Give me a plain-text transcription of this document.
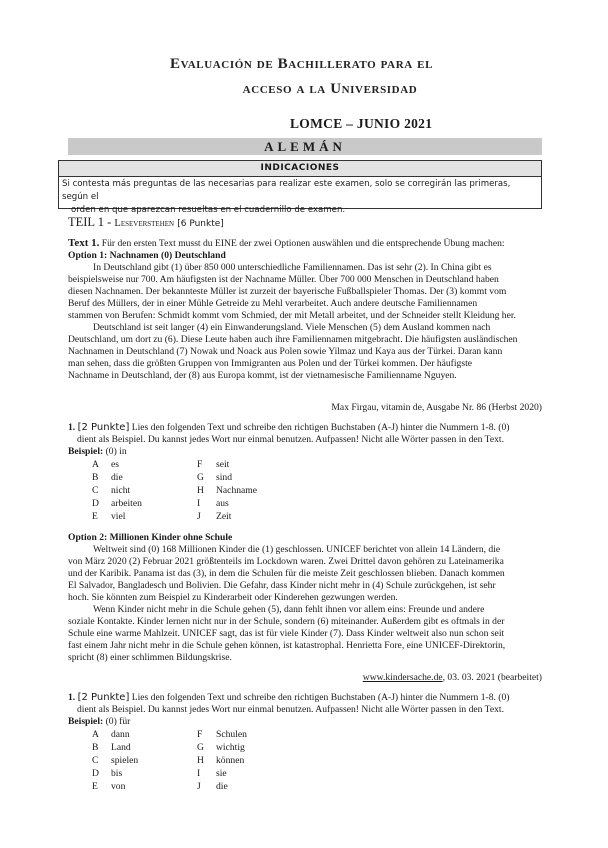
Evaluación de Bachillerato para el
acceso a la Universidad
LOMCE – JUNIO 2021
ALEMÁN
INDICACIONES
Si contesta más preguntas de las necesarias para realizar este examen, solo se corregirán las primeras, según el
orden en que aparezcan resueltas en el cuadernillo de examen.
TEIL 1 - Leseverstehen [6 Punkte]
Text 1. Für den ersten Text musst du EINE der zwei Optionen auswählen und die entsprechende Übung machen:
Option 1: Nachnamen (0) Deutschland

In Deutschland gibt (1) über 850 000 unterschiedliche Familiennamen. Das ist sehr (2). In China gibt es

beispielsweise nur 700. Am häufigsten ist der Nachname Müller. Über 700 000 Menschen in Deutschland haben
diesen Nachnamen. Der bekannteste Müller ist zurzeit der bayerische Fußballspieler Thomas. Der (3) kommt vom
Beruf des Müllers, der in einer Mühle Getreide zu Mehl verarbeitet. Auch andere deutsche Familiennamen
stammen von Berufen: Schmidt kommt vom Schmied, der mit Metall arbeitet, und der Schneider stellt Kleidung her.

Deutschland ist seit langer (4) ein Einwanderungsland. Viele Menschen (5) dem Ausland kommen nach

Deutschland, um dort zu (6). Diese Leute haben auch ihre Familiennamen mitgebracht. Die häufigsten ausländischen
Nachnamen in Deutschland (7) Nowak und Noack aus Polen sowie Yilmaz und Kaya aus der Türkei. Daran kann
man sehen, dass die größten Gruppen von Immigranten aus Polen und der Türkei kommen. Der häufigste
Nachname in Deutschland, der (8) aus Europa kommt, ist der vietnamesische Familienname Nguyen.
Max Firgau, vitamin de, Ausgabe Nr. 86 (Herbst 2020)
1. [2 Punkte] Lies den folgenden Text und schreibe den richtigen Buchstaben (A-J) hinter die Nummern 1-8. (0)
dient als Beispiel. Du kannst jedes Wort nur einmal benutzen. Aufpassen! Nicht alle Wörter passen in den Text.
Beispiel: (0) in
A	es	F	seit
B	die	G	sind
C	nicht	H	Nachname
D	arbeiten	I	aus
E	viel	J	Zeit
Option 2: Millionen Kinder ohne Schule

Weltweit sind (0) 168 Millionen Kinder die (1) geschlossen. UNICEF berichtet von allein 14 Ländern, die

von März 2020 (2) Februar 2021 größtenteils im Lockdown waren. Zwei Drittel davon gehören zu Lateinamerika
und der Karibik. Panama ist das (3), in dem die Schulen für die meiste Zeit geschlossen blieben. Danach kommen
El Salvador, Bangladesch und Bolivien. Die Gefahr, dass Kinder nicht mehr in (4) Schule zurückgehen, ist sehr
hoch. Sie könnten zum Beispiel zu Kinderarbeit oder Kinderehen gezwungen werden.

Wenn Kinder nicht mehr in die Schule gehen (5), dann fehlt ihnen vor allem eins: Freunde und andere

soziale Kontakte. Kinder lernen nicht nur in der Schule, sondern (6) miteinander. Außerdem gibt es oftmals in der
Schule eine warme Mahlzeit. UNICEF sagt, das ist für viele Kinder (7). Dass Kinder weltweit also nun schon seit
fast einem Jahr nicht mehr in die Schule gehen können, ist katastrophal. Henrietta Fore, eine UNICEF-Direktorin,
spricht (8) einer schlimmen Bildungskrise.
www.kindersache.de, 03. 03. 2021 (bearbeitet)
1. [2 Punkte] Lies den folgenden Text und schreibe den richtigen Buchstaben (A-J) hinter die Nummern 1-8. (0)
dient als Beispiel. Du kannst jedes Wort nur einmal benutzen. Aufpassen! Nicht alle Wörter passen in den Text.
Beispiel: (0) für
A	dann	F	Schulen
B	Land	G	wichtig
C	spielen	H	können
D	bis	I	sie
E	von	J	die
